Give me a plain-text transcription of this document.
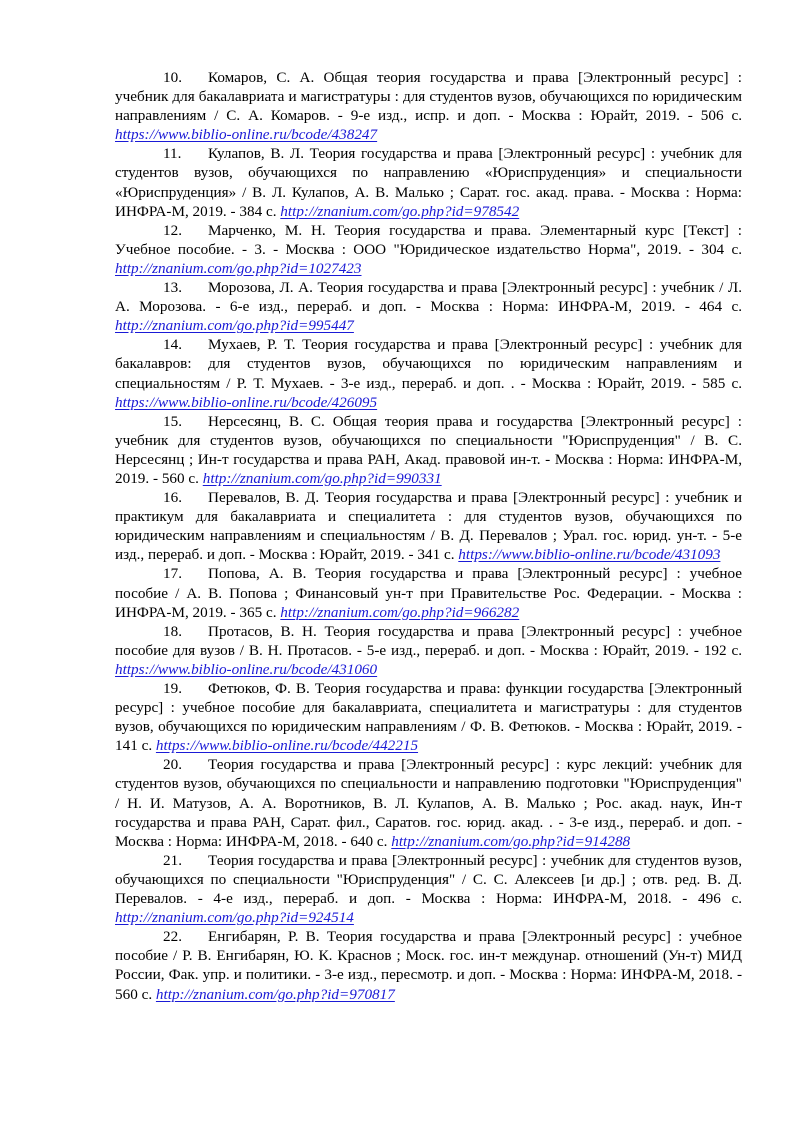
10. Комаров, С. А. Общая теория государства и права [Электронный ресурс] : учебник для бакалавриата и магистратуры : для студентов вузов, обучающихся по юридическим направлениям / С. А. Комаров. - 9-е изд., испр. и доп. - Москва : Юрайт, 2019. - 506 с. https://www.biblio-online.ru/bcode/438247

11. Кулапов, В. Л. Теория государства и права [Электронный ресурс] : учебник для студентов вузов, обучающихся по направлению «Юриспруденция» и специальности «Юриспруденция» / В. Л. Кулапов, А. В. Малько ; Сарат. гос. акад. права. - Москва : Норма: ИНФРА-М, 2019. - 384 с. http://znanium.com/go.php?id=978542

12. Марченко, М. Н. Теория государства и права. Элементарный курс [Текст] : Учебное пособие. - 3. - Москва : ООО "Юридическое издательство Норма", 2019. - 304 с. http://znanium.com/go.php?id=1027423

13. Морозова, Л. А. Теория государства и права [Электронный ресурс] : учебник / Л. А. Морозова. - 6-е изд., перераб. и доп. - Москва : Норма: ИНФРА-М, 2019. - 464 с. http://znanium.com/go.php?id=995447

14. Мухаев, Р. Т. Теория государства и права [Электронный ресурс] : учебник для бакалавров: для студентов вузов, обучающихся по юридическим направлениям и специальностям / Р. Т. Мухаев. - 3-е изд., перераб. и доп. . - Москва : Юрайт, 2019. - 585 с. https://www.biblio-online.ru/bcode/426095

15. Нерсесянц, В. С. Общая теория права и государства [Электронный ресурс] : учебник для студентов вузов, обучающихся по специальности "Юриспруденция" / В. С. Нерсесянц ; Ин-т государства и права РАН, Акад. правовой ин-т. - Москва : Норма: ИНФРА-М, 2019. - 560 с. http://znanium.com/go.php?id=990331

16. Перевалов, В. Д. Теория государства и права [Электронный ресурс] : учебник и практикум для бакалавриата и специалитета : для студентов вузов, обучающихся по юридическим направлениям и специальностям / В. Д. Перевалов ; Урал. гос. юрид. ун-т. - 5-е изд., перераб. и доп. - Москва : Юрайт, 2019. - 341 с. https://www.biblio-online.ru/bcode/431093

17. Попова, А. В. Теория государства и права [Электронный ресурс] : учебное пособие / А. В. Попова ; Финансовый ун-т при Правительстве Рос. Федерации. - Москва : ИНФРА-М, 2019. - 365 с. http://znanium.com/go.php?id=966282

18. Протасов, В. Н. Теория государства и права [Электронный ресурс] : учебное пособие для вузов / В. Н. Протасов. - 5-е изд., перераб. и доп. - Москва : Юрайт, 2019. - 192 с. https://www.biblio-online.ru/bcode/431060

19. Фетюков, Ф. В. Теория государства и права: функции государства [Электронный ресурс] : учебное пособие для бакалавриата, специалитета и магистратуры : для студентов вузов, обучающихся по юридическим направлениям / Ф. В. Фетюков. - Москва : Юрайт, 2019. - 141 с. https://www.biblio-online.ru/bcode/442215

20. Теория государства и права [Электронный ресурс] : курс лекций: учебник для студентов вузов, обучающихся по специальности и направлению подготовки "Юриспруденция" / Н. И. Матузов, А. А. Воротников, В. Л. Кулапов, А. В. Малько ; Рос. акад. наук, Ин-т государства и права РАН, Сарат. фил., Саратов. гос. юрид. акад. . - 3-е изд., перераб. и доп. - Москва : Норма: ИНФРА-М, 2018. - 640 с. http://znanium.com/go.php?id=914288

21. Теория государства и права [Электронный ресурс] : учебник для студентов вузов, обучающихся по специальности "Юриспруденция" / С. С. Алексеев [и др.] ; отв. ред. В. Д. Перевалов. - 4-е изд., перераб. и доп. - Москва : Норма: ИНФРА-М, 2018. - 496 с. http://znanium.com/go.php?id=924514

22. Енгибарян, Р. В. Теория государства и права [Электронный ресурс] : учебное пособие / Р. В. Енгибарян, Ю. К. Краснов ; Моск. гос. ин-т междунар. отношений (Ун-т) МИД России, Фак. упр. и политики. - 3-е изд., пересмотр. и доп. - Москва : Норма: ИНФРА-М, 2018. - 560 с. http://znanium.com/go.php?id=970817
